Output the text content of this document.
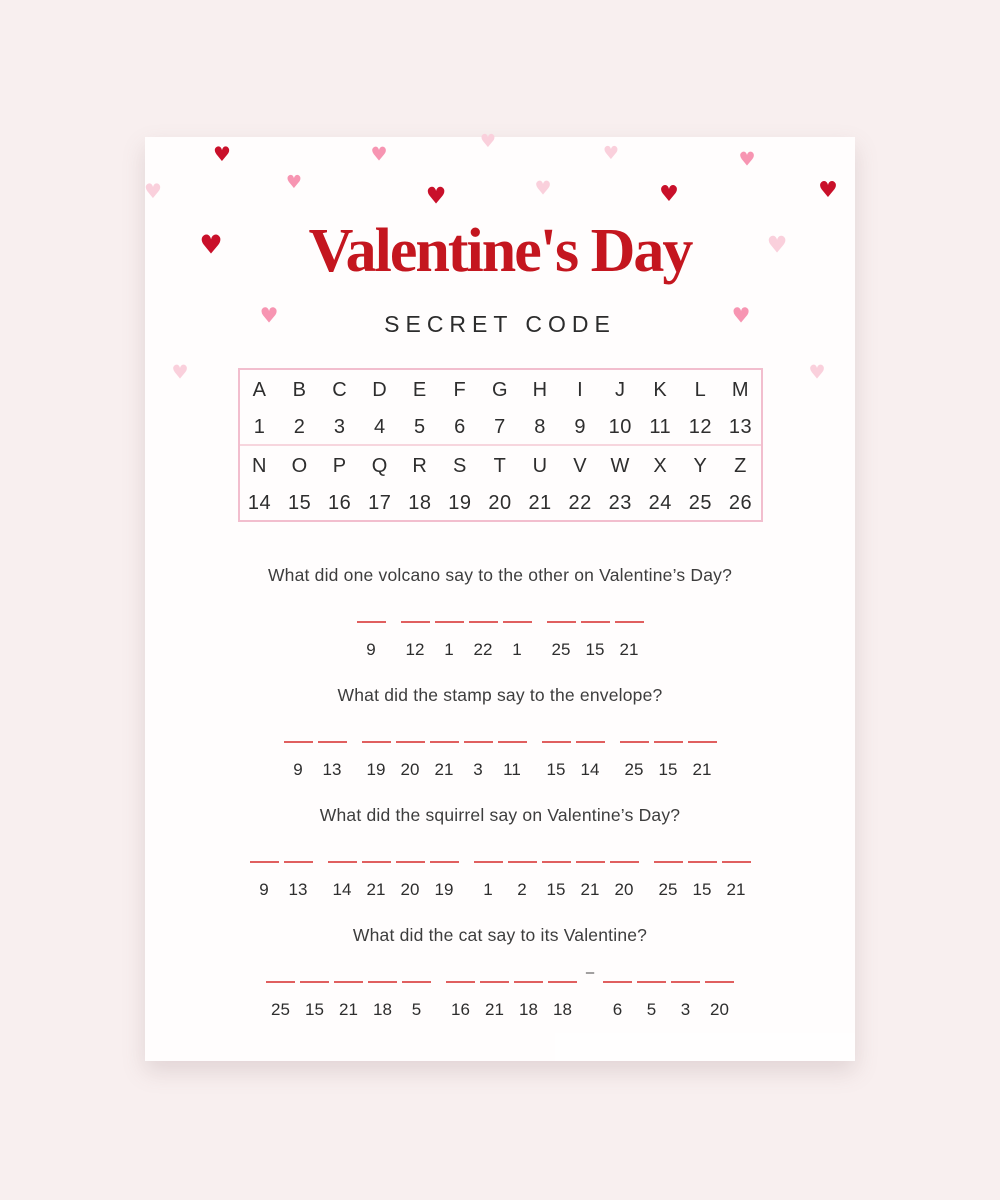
♥
♥
♥	♥	♥
♥	♥
♥	♥	♥	♥
♥	♥
♥	♥
♥	♥
Valentine's Day
SECRET CODE
A	B	C	D	E	F	G	H	I	J	K	L	M
1	2	3	4	5	6	7	8	9	10 11 12 13
N	O	P	Q	R	S	T	U	V	W	X	Y	Z
14 15 16 17 18 19 20 21 22 23 24 25 26

What did one volcano say to the other on Valentine’s Day?

9 12 1 22 1 25 15 21

What did the stamp say to the envelope?

9 13 19 20 21 3 11 15 14 25 15 21

What did the squirrel say on Valentine’s Day?

9 13 14 21 20 19 1 2 15 21 20 25 15 21

What did the cat say to its Valentine?

25 15 21 18 5 16 21 18 18
–

6 5 3 20
